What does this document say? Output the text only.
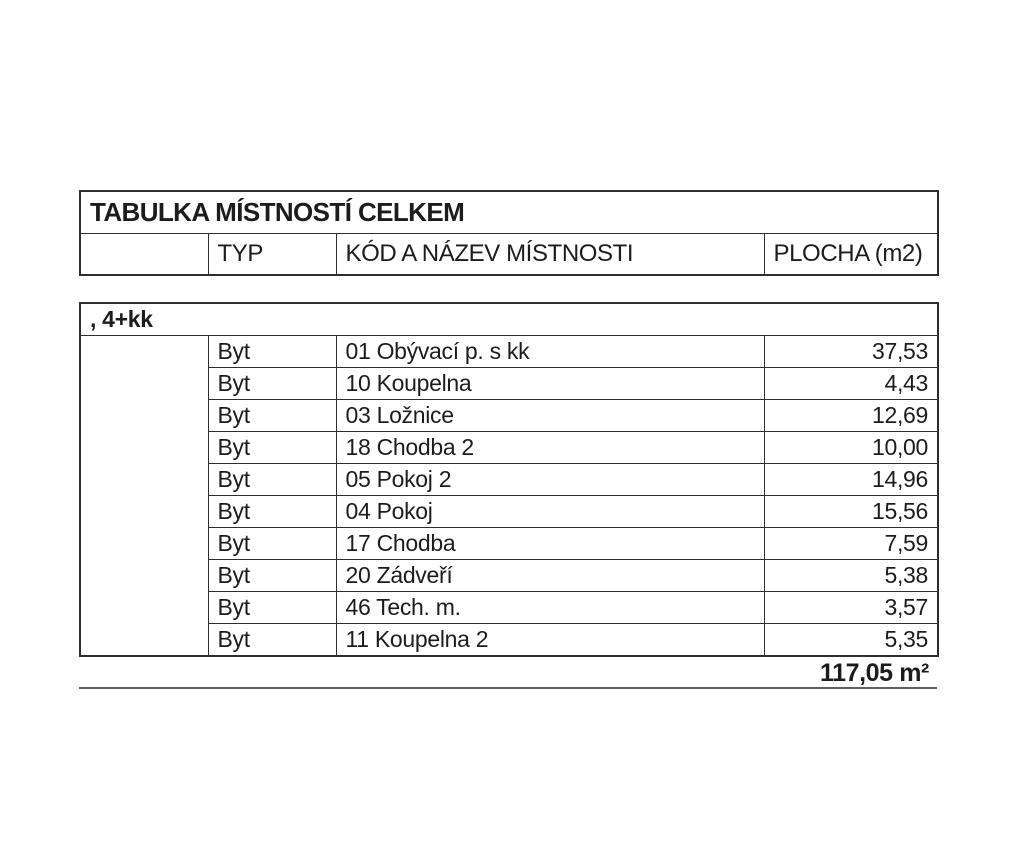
TABULKA MÍSTNOSTÍ CELKEM
	TYP	KÓD A NÁZEV MÍSTNOSTI	PLOCHA (m2)
, 4+kk			
	Byt	01 Obývací p. s kk	37,53
	Byt	10 Koupelna	4,43
	Byt	03 Ložnice	12,69
	Byt	18 Chodba 2	10,00
	Byt	05 Pokoj 2	14,96
	Byt	04 Pokoj	15,56
	Byt	17 Chodba	7,59
	Byt	20 Zádveří	5,38
	Byt	46 Tech. m.	3,57
	Byt	11 Koupelna 2	5,35
117,05 m²
